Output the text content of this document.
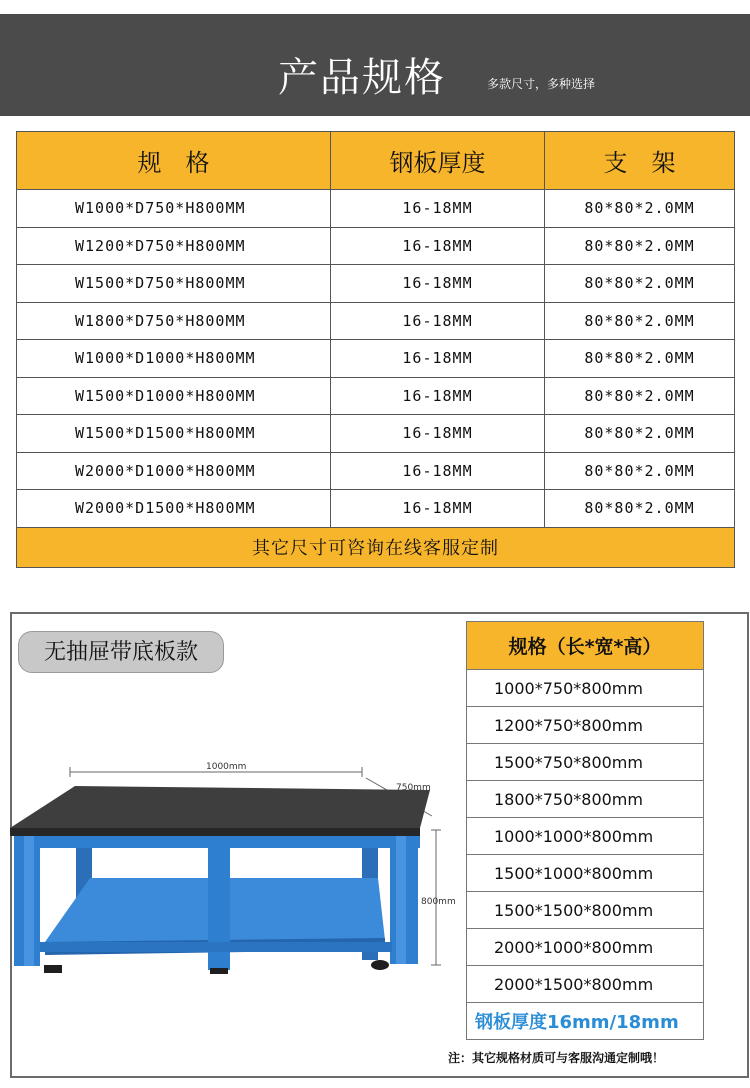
产品规格	多款尺寸，多种选择
规　格	钢板厚度	支　架
W1000*D750*H800MM	16-18MM	80*80*2.0MM
W1200*D750*H800MM	16-18MM	80*80*2.0MM
W1500*D750*H800MM	16-18MM	80*80*2.0MM
W1800*D750*H800MM	16-18MM	80*80*2.0MM
W1000*D1000*H800MM	16-18MM	80*80*2.0MM
W1500*D1000*H800MM	16-18MM	80*80*2.0MM
W1500*D1500*H800MM	16-18MM	80*80*2.0MM
W2000*D1000*H800MM	16-18MM	80*80*2.0MM
W2000*D1500*H800MM	16-18MM	80*80*2.0MM
其它尺寸可咨询在线客服定制		
无抽屉带底板款
1000mm
750mm
800mm
规格（长*宽*高）
1000*750*800mm
1200*750*800mm
1500*750*800mm
1800*750*800mm
1000*1000*800mm
1500*1000*800mm
1500*1500*800mm
2000*1000*800mm
2000*1500*800mm
钢板厚度16mm/18mm
注：其它规格材质可与客服沟通定制哦！
